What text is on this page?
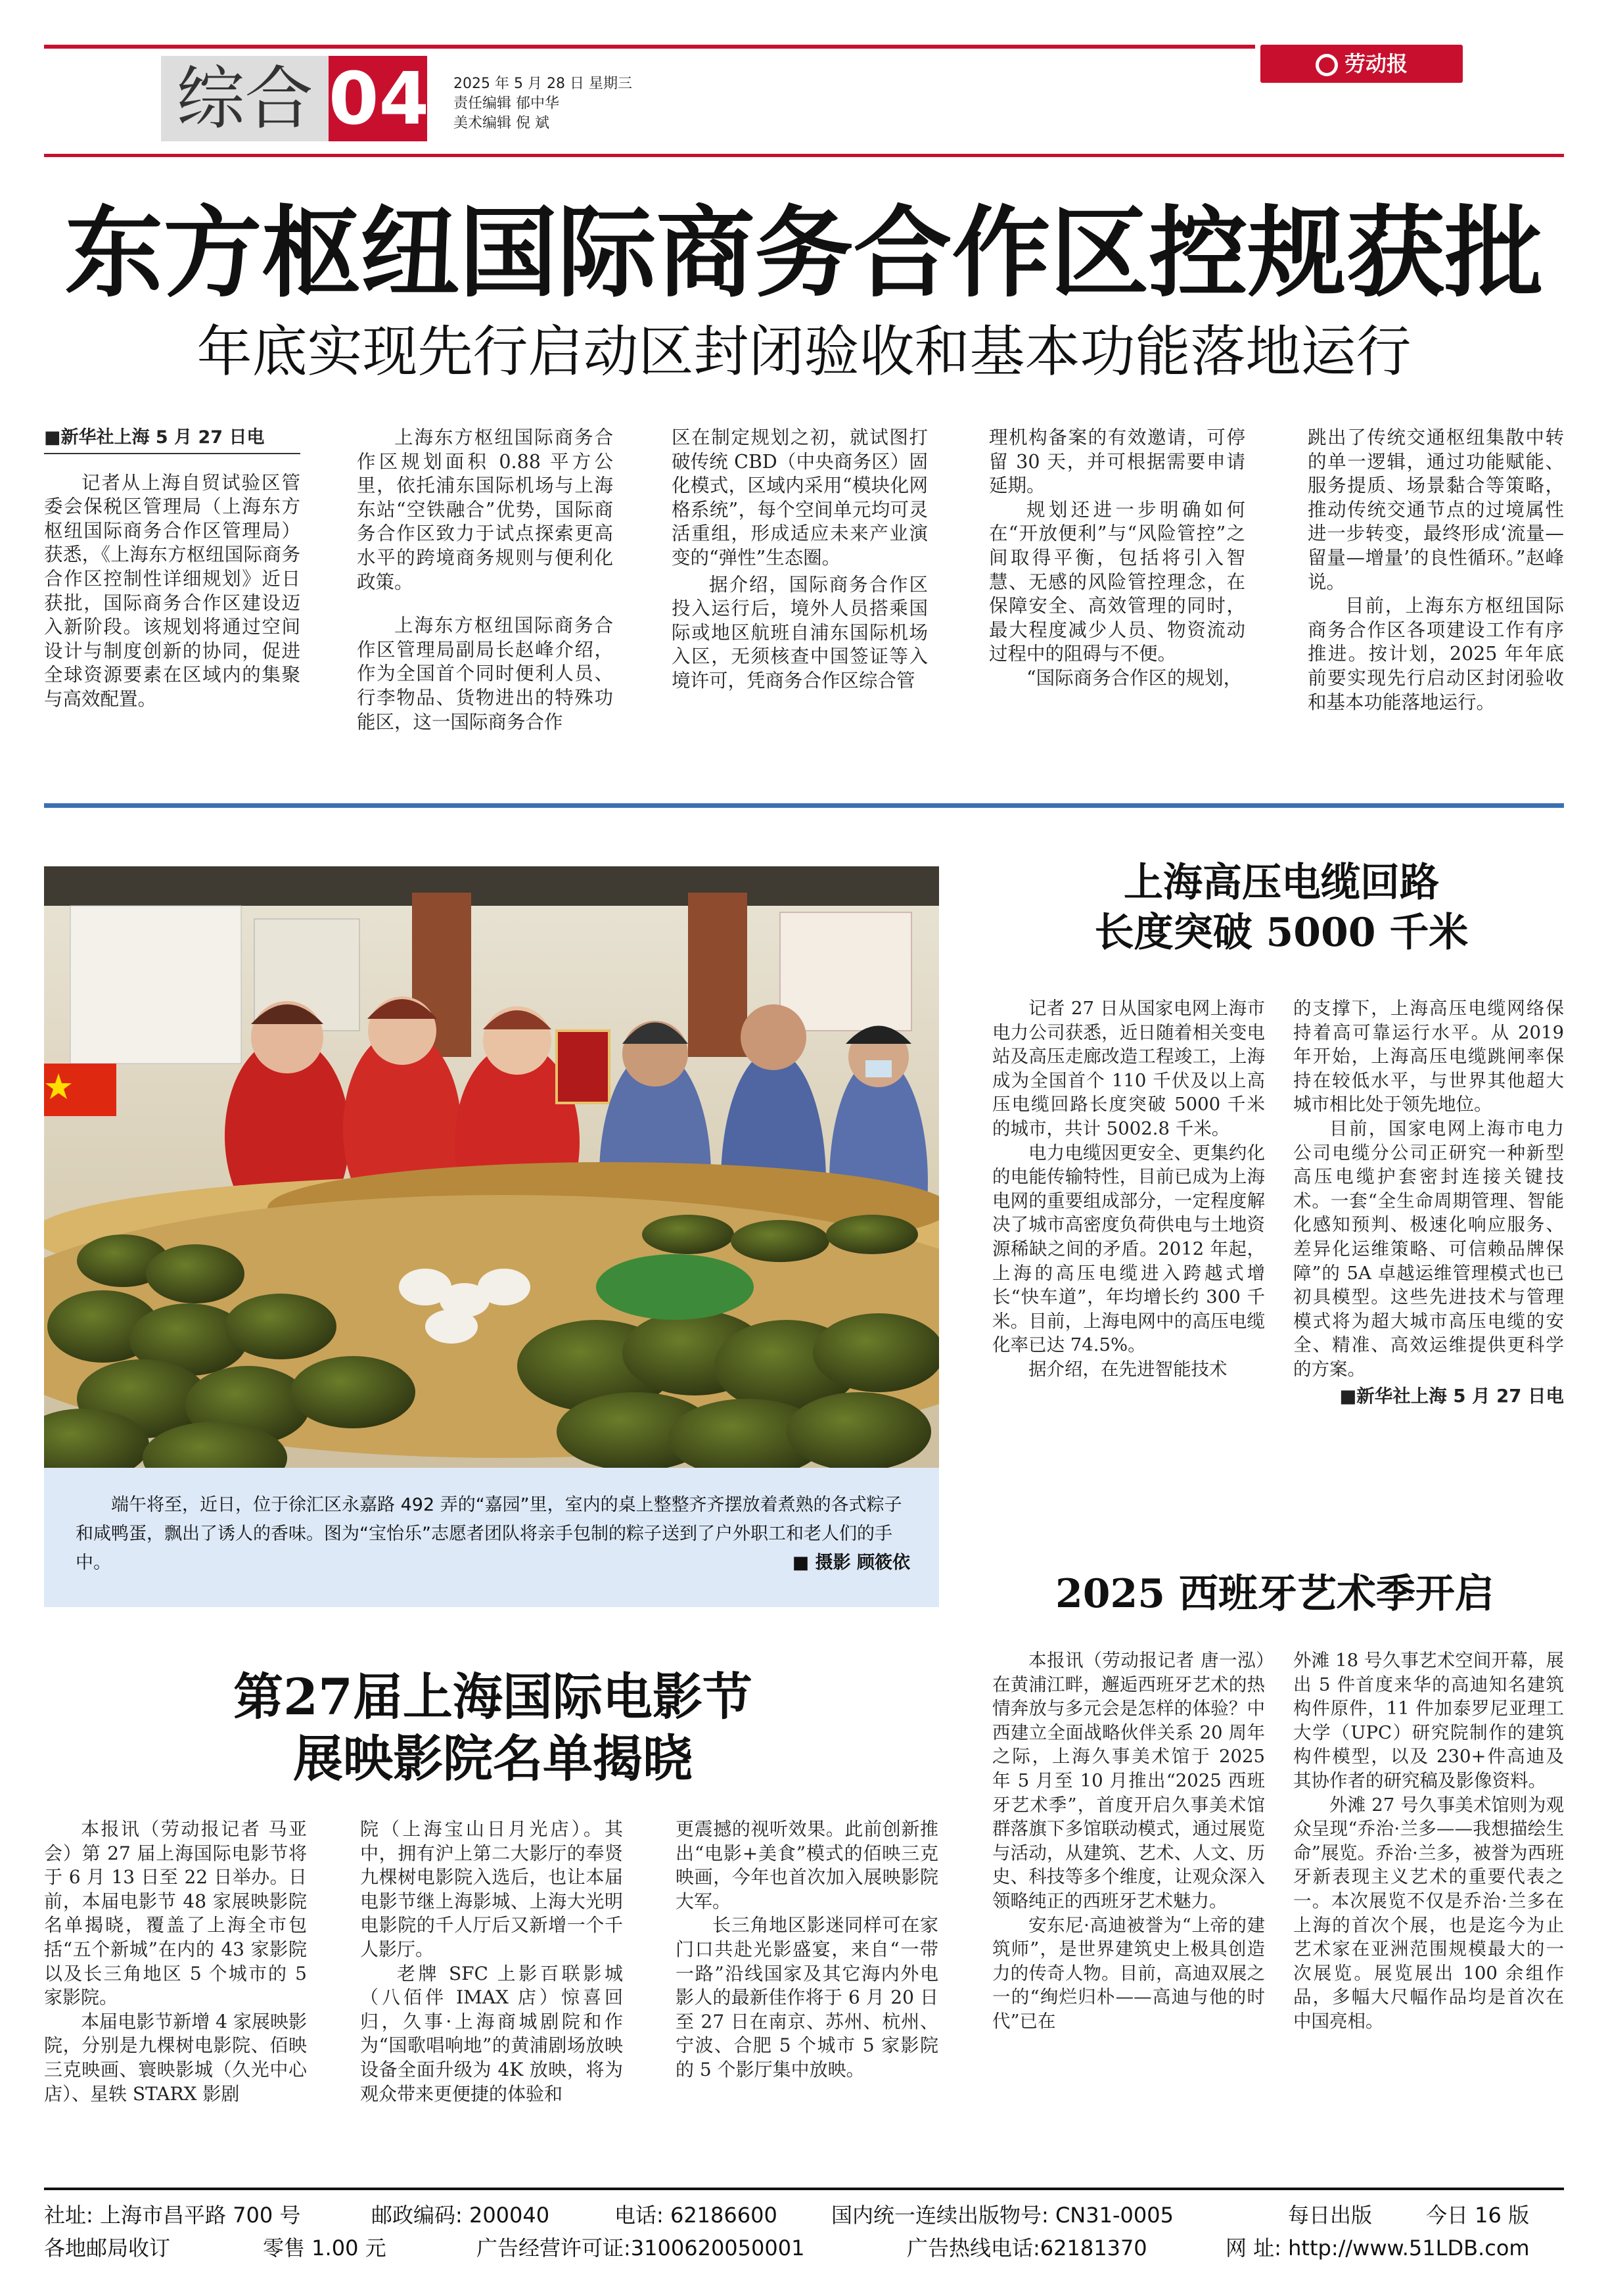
劳动报
综合 04 2025 年 5 月 28 日 星期三
责任编辑 郁中华
美术编辑 倪 斌
东方枢纽国际商务合作区控规获批
年底实现先行启动区封闭验收和基本功能落地运行
■新华社上海 5 月 27 日电

记者从上海自贸试验区管委会保税区管理局（上海东方枢纽国际商务合作区管理局）获悉，《上海东方枢纽国际商务合作区控制性详细规划》近日获批，国际商务合作区建设迈入新阶段。该规划将通过空间设计与制度创新的协同，促进全球资源要素在区域内的集聚与高效配置。

上海东方枢纽国际商务合作区规划面积 0.88 平方公里，依托浦东国际机场与上海东站“空铁融合”优势，国际商务合作区致力于试点探索更高水平的跨境商务规则与便利化政策。

上海东方枢纽国际商务合作区管理局副局长赵峰介绍，作为全国首个同时便利人员、行李物品、货物进出的特殊功能区，这一国际商务合作

区在制定规划之初，就试图打破传统 CBD（中央商务区）固化模式，区域内采用“模块化网格系统”，每个空间单元均可灵活重组，形成适应未来产业演变的“弹性”生态圈。

据介绍，国际商务合作区投入运行后，境外人员搭乘国际或地区航班自浦东国际机场入区，无须核查中国签证等入境许可，凭商务合作区综合管

理机构备案的有效邀请，可停留 30 天，并可根据需要申请延期。

规划还进一步明确如何在“开放便利”与“风险管控”之间取得平衡，包括将引入智慧、无感的风险管控理念，在保障安全、高效管理的同时，最大程度减少人员、物资流动过程中的阻碍与不便。

“国际商务合作区的规划，

跳出了传统交通枢纽集散中转的单一逻辑，通过功能赋能、服务提质、场景黏合等策略，推动传统交通节点的过境属性进一步转变，最终形成‘流量—留量—增量’的良性循环。”赵峰说。

目前，上海东方枢纽国际商务合作区各项建设工作有序推进。按计划，2025 年年底前要实现先行启动区封闭验收和基本功能落地运行。

端午将至，近日，位于徐汇区永嘉路 492 弄的“嘉园”里，室内的桌上整整齐齐摆放着煮熟的各式粽子和咸鸭蛋，飘出了诱人的香味。图为“宝怡乐”志愿者团队将亲手包制的粽子送到了户外职工和老人们的手中。	■ 摄影 顾筱依
上海高压电缆回路
长度突破 5000 千米

记者 27 日从国家电网上海市电力公司获悉，近日随着相关变电站及高压走廊改造工程竣工，上海成为全国首个 110 千伏及以上高压电缆回路长度突破 5000 千米的城市，共计 5002.8 千米。

电力电缆因更安全、更集约化的电能传输特性，目前已成为上海电网的重要组成部分，一定程度解决了城市高密度负荷供电与土地资源稀缺之间的矛盾。2012 年起，上海的高压电缆进入跨越式增长“快车道”，年均增长约 300 千米。目前，上海电网中的高压电缆化率已达 74.5%。

据介绍，在先进智能技术

的支撑下，上海高压电缆网络保持着高可靠运行水平。从 2019 年开始，上海高压电缆跳闸率保持在较低水平，与世界其他超大城市相比处于领先地位。

目前，国家电网上海市电力公司电缆分公司正研究一种新型高压电缆护套密封连接关键技术。一套“全生命周期管理、智能化感知预判、极速化响应服务、差异化运维策略、可信赖品牌保障”的 5A 卓越运维管理模式也已初具模型。这些先进技术与管理模式将为超大城市高压电缆的安全、精准、高效运维提供更科学的方案。

■新华社上海 5 月 27 日电
2025 西班牙艺术季开启

本报讯（劳动报记者 唐一泓）在黄浦江畔，邂逅西班牙艺术的热情奔放与多元会是怎样的体验？中西建立全面战略伙伴关系 20 周年之际，上海久事美术馆于 2025 年 5 月至 10 月推出“2025 西班牙艺术季”，首度开启久事美术馆群落旗下多馆联动模式，通过展览与活动，从建筑、艺术、人文、历史、科技等多个维度，让观众深入领略纯正的西班牙艺术魅力。

安东尼·高迪被誉为“上帝的建筑师”，是世界建筑史上极具创造力的传奇人物。目前，高迪双展之一的“绚烂归朴——高迪与他的时代”已在

外滩 18 号久事艺术空间开幕，展出 5 件首度来华的高迪知名建筑构件原件，11 件加泰罗尼亚理工大学（UPC）研究院制作的建筑构件模型，以及 230+件高迪及其协作者的研究稿及影像资料。

外滩 27 号久事美术馆则为观众呈现“乔治·兰多——我想描绘生命”展览。乔治·兰多，被誉为西班牙新表现主义艺术的重要代表之一。本次展览不仅是乔治·兰多在上海的首次个展，也是迄今为止艺术家在亚洲范围规模最大的一次展览。展览展出 100 余组作品，多幅大尺幅作品均是首次在中国亮相。

第27届上海国际电影节
展映影院名单揭晓

本报讯（劳动报记者 马亚会）第 27 届上海国际电影节将于 6 月 13 日至 22 日举办。日前，本届电影节 48 家展映影院名单揭晓，覆盖了上海全市包括“五个新城”在内的 43 家影院以及长三角地区 5 个城市的 5 家影院。

本届电影节新增 4 家展映影院，分别是九棵树电影院、佰映三克映画、寰映影城（久光中心店）、星轶 STARX 影剧

院（上海宝山日月光店）。其中，拥有沪上第二大影厅的奉贤九棵树电影院入选后，也让本届电影节继上海影城、上海大光明电影院的千人厅后又新增一个千人影厅。

老牌 SFC 上影百联影城（八佰伴 IMAX 店）惊喜回归，久事·上海商城剧院和作为“国歌唱响地”的黄浦剧场放映设备全面升级为 4K 放映，将为观众带来更便捷的体验和

更震撼的视听效果。此前创新推出“电影+美食”模式的佰映三克映画，今年也首次加入展映影院大军。

长三角地区影迷同样可在家门口共赴光影盛宴，来自“一带一路”沿线国家及其它海内外电影人的最新佳作将于 6 月 20 日至 27 日在南京、苏州、杭州、宁波、合肥 5 个城市 5 家影院的 5 个影厅集中放映。

社址: 上海市昌平路 700 号	邮政编码: 200040	电话: 62186600	国内统一连续出版物号: CN31-0005	每日出版	今日 16 版
各地邮局收订	零售 1.00 元	广告经营许可证:3100620050001	广告热线电话:62181370	网 址: http://www.51LDB.com
